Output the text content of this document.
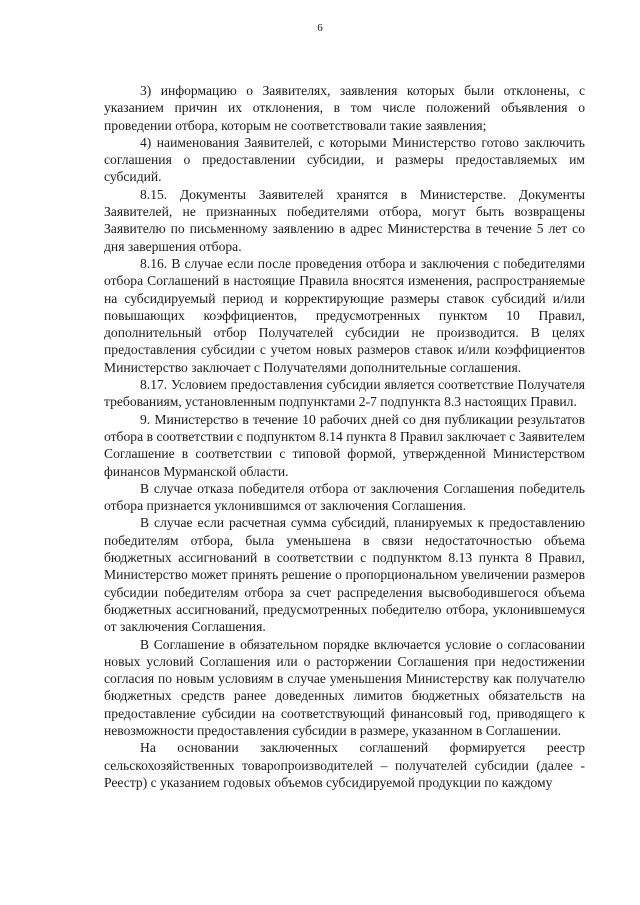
6

3) информацию о Заявителях, заявления которых были отклонены, с указанием причин их отклонения, в том числе положений объявления о проведении отбора, которым не соответствовали такие заявления;

4) наименования Заявителей, с которыми Министерство готово заключить соглашения о предоставлении субсидии, и размеры предоставляемых им субсидий.

8.15. Документы Заявителей хранятся в Министерстве. Документы Заявителей, не признанных победителями отбора, могут быть возвращены Заявителю по письменному заявлению в адрес Министерства в течение 5 лет со дня завершения отбора.

8.16. В случае если после проведения отбора и заключения с победителями отбора Соглашений в настоящие Правила вносятся изменения, распространяемые на субсидируемый период и корректирующие размеры ставок субсидий и/или повышающих коэффициентов, предусмотренных пунктом 10 Правил, дополнительный отбор Получателей субсидии не производится. В целях предоставления субсидии с учетом новых размеров ставок и/или коэффициентов Министерство заключает с Получателями дополнительные соглашения.

8.17. Условием предоставления субсидии является соответствие Получателя требованиям, установленным подпунктами 2-7 подпункта 8.3 настоящих Правил.

9. Министерство в течение 10 рабочих дней со дня публикации результатов отбора в соответствии с подпунктом 8.14 пункта 8 Правил заключает с Заявителем Соглашение в соответствии с типовой формой, утвержденной Министерством финансов Мурманской области.

В случае отказа победителя отбора от заключения Соглашения победитель отбора признается уклонившимся от заключения Соглашения.

В случае если расчетная сумма субсидий, планируемых к предоставлению победителям отбора, была уменьшена в связи недостаточностью объема бюджетных ассигнований в соответствии с подпунктом 8.13 пункта 8 Правил, Министерство может принять решение о пропорциональном увеличении размеров субсидии победителям отбора за счет распределения высвободившегося объема бюджетных ассигнований, предусмотренных победителю отбора, уклонившемуся от заключения Соглашения.

В Соглашение в обязательном порядке включается условие о согласовании новых условий Соглашения или о расторжении Соглашения при недостижении согласия по новым условиям в случае уменьшения Министерству как получателю бюджетных средств ранее доведенных лимитов бюджетных обязательств на предоставление субсидии на соответствующий финансовый год, приводящего к невозможности предоставления субсидии в размере, указанном в Соглашении.

На основании заключенных соглашений формируется реестр сельскохозяйственных товаропроизводителей – получателей субсидии (далее - Реестр) с указанием годовых объемов субсидируемой продукции по каждому
